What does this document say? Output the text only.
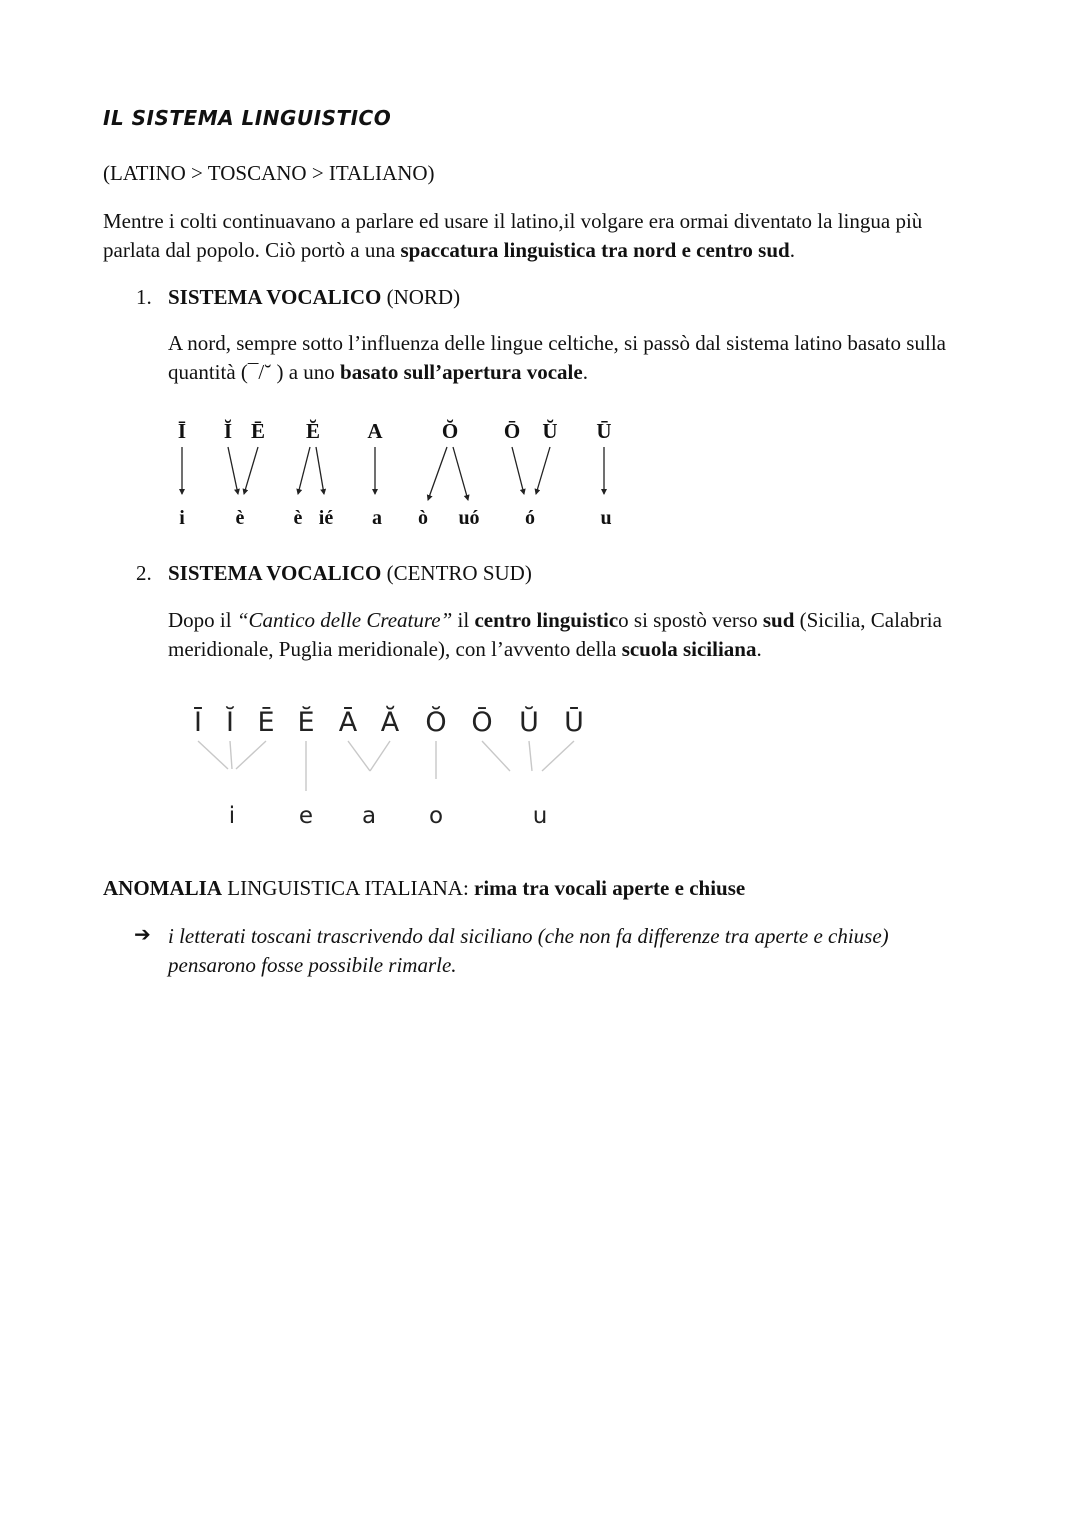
IL SISTEMA LINGUISTICO
(LATINO > TOSCANO > ITALIANO)
Mentre i colti continuavano a parlare ed usare il latino,il volgare era ormai diventato la lingua più parlata dal popolo. Ciò portò a una spaccatura linguistica tra nord e centro sud.
1. SISTEMA VOCALICO (NORD)
A nord, sempre sotto l’influenza delle lingue celtiche, si passò dal sistema latino basato sulla quantità (¯/˘ ) a uno basato sull’apertura vocale.
Ī Ĭ Ē Ĕ A	Ŏ Ō Ŭ Ū
i	è è ié a ò uó ó	u
2. SISTEMA VOCALICO (CENTRO SUD)
Dopo il “Cantico delle Creature” il centro linguistico si spostò verso sud (Sicilia, Calabria meridionale, Puglia meridionale), con l’avvento della scuola siciliana.
Ī Ĭ Ē Ĕ Ā Ă Ŏ Ō Ŭ Ū
i	e a o	u
ANOMALIA LINGUISTICA ITALIANA: rima tra vocali aperte e chiuse
➔ i letterati toscani trascrivendo dal siciliano (che non fa differenze tra aperte e chiuse) pensarono fosse possibile rimarle.
